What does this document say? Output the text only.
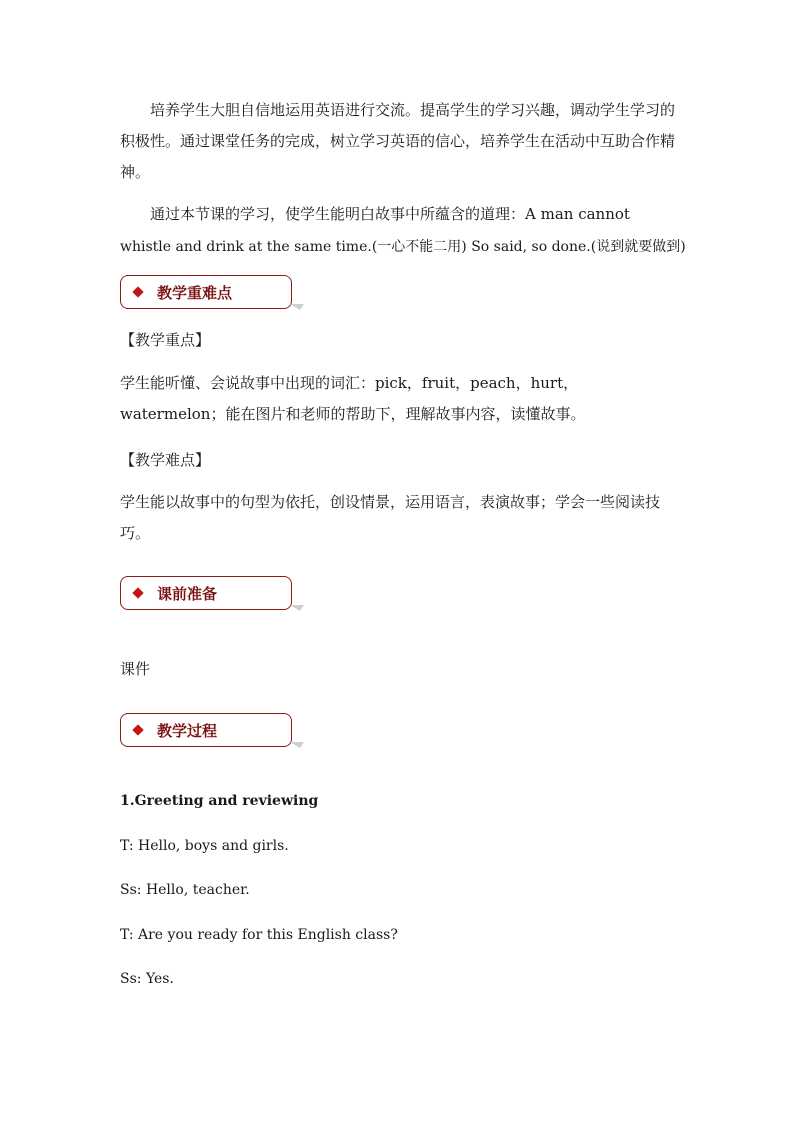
培养学生大胆自信地运用英语进行交流。提高学生的学习兴趣，调动学生学习的积极性。通过课堂任务的完成，树立学习英语的信心，培养学生在活动中互助合作精神。

通过本节课的学习，使学生能明白故事中所蕴含的道理：A man cannot

whistle and drink at the same time.(一心不能二用) So said, so done.(说到就要做到)

教学重难点

【教学重点】

学生能听懂、会说故事中出现的词汇：pick，fruit，peach，hurt，watermelon；能在图片和老师的帮助下，理解故事内容，读懂故事。

【教学难点】

学生能以故事中的句型为依托，创设情景，运用语言，表演故事；学会一些阅读技巧。

课前准备

课件

教学过程

1.Greeting and reviewing

T: Hello, boys and girls.

Ss: Hello, teacher.

T: Are you ready for this English class?

Ss: Yes.
